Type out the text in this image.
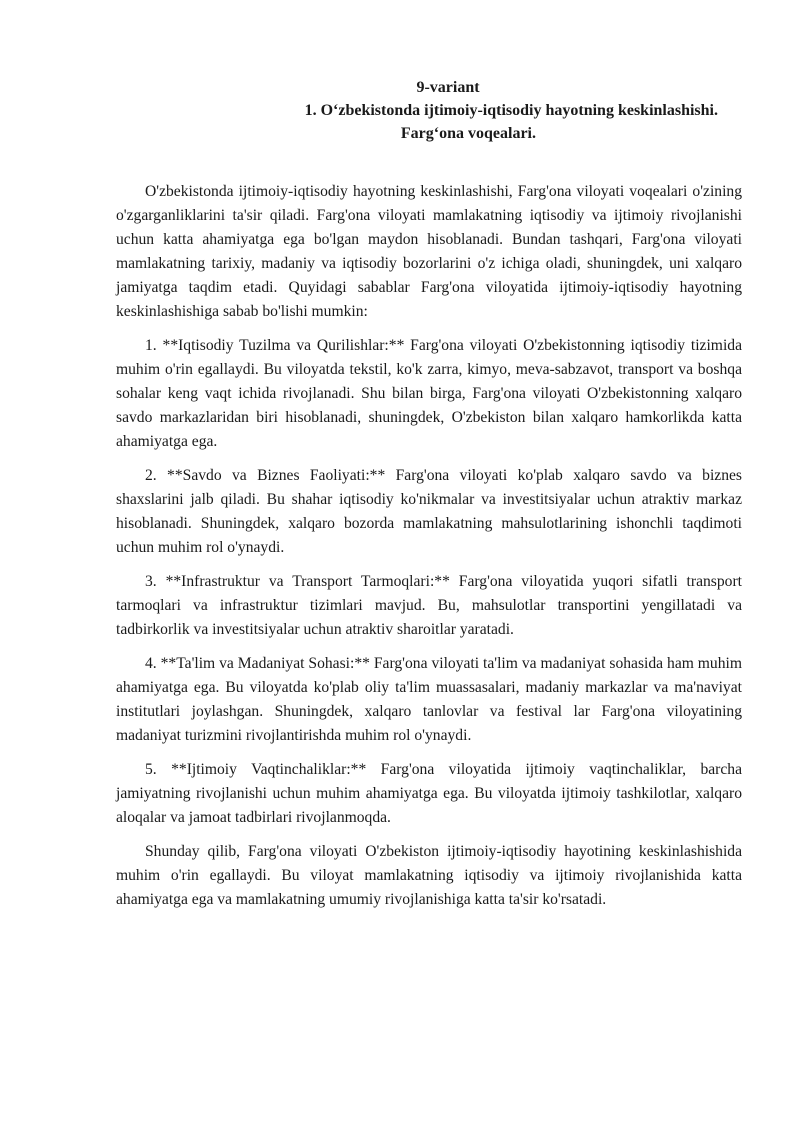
9-variant

1. O‘zbekistonda ijtimoiy-iqtisodiy hayotning keskinlashishi.
Farg‘ona voqealari.

O'zbekistonda ijtimoiy-iqtisodiy hayotning keskinlashishi, Farg'ona viloyati voqealari o'zining o'zgarganliklarini ta'sir qiladi. Farg'ona viloyati mamlakatning iqtisodiy va ijtimoiy rivojlanishi uchun katta ahamiyatga ega bo'lgan maydon hisoblanadi. Bundan tashqari, Farg'ona viloyati mamlakatning tarixiy, madaniy va iqtisodiy bozorlarini o'z ichiga oladi, shuningdek, uni xalqaro jamiyatga taqdim etadi. Quyidagi sabablar Farg'ona viloyatida ijtimoiy-iqtisodiy hayotning keskinlashishiga sabab bo'lishi mumkin:

1. **Iqtisodiy Tuzilma va Qurilishlar:** Farg'ona viloyati O'zbekistonning iqtisodiy tizimida muhim o'rin egallaydi. Bu viloyatda tekstil, ko'k zarra, kimyo, meva-sabzavot, transport va boshqa sohalar keng vaqt ichida rivojlanadi. Shu bilan birga, Farg'ona viloyati O'zbekistonning xalqaro savdo markazlaridan biri hisoblanadi, shuningdek, O'zbekiston bilan xalqaro hamkorlikda katta ahamiyatga ega.

2. **Savdo va Biznes Faoliyati:** Farg'ona viloyati ko'plab xalqaro savdo va biznes shaxslarini jalb qiladi. Bu shahar iqtisodiy ko'nikmalar va investitsiyalar uchun atraktiv markaz hisoblanadi. Shuningdek, xalqaro bozorda mamlakatning mahsulotlarining ishonchli taqdimoti uchun muhim rol o'ynaydi.

3. **Infrastruktur va Transport Tarmoqlari:** Farg'ona viloyatida yuqori sifatli transport tarmoqlari va infrastruktur tizimlari mavjud. Bu, mahsulotlar transportini yengillatadi va tadbirkorlik va investitsiyalar uchun atraktiv sharoitlar yaratadi.

4. **Ta'lim va Madaniyat Sohasi:** Farg'ona viloyati ta'lim va madaniyat sohasida ham muhim ahamiyatga ega. Bu viloyatda ko'plab oliy ta'lim muassasalari, madaniy markazlar va ma'naviyat institutlari joylashgan. Shuningdek, xalqaro tanlovlar va festival lar Farg'ona viloyatining madaniyat turizmini rivojlantirishda muhim rol o'ynaydi.

5. **Ijtimoiy Vaqtinchaliklar:** Farg'ona viloyatida ijtimoiy vaqtinchaliklar, barcha jamiyatning rivojlanishi uchun muhim ahamiyatga ega. Bu viloyatda ijtimoiy tashkilotlar, xalqaro aloqalar va jamoat tadbirlari rivojlanmoqda.

Shunday qilib, Farg'ona viloyati O'zbekiston ijtimoiy-iqtisodiy hayotining keskinlashishida muhim o'rin egallaydi. Bu viloyat mamlakatning iqtisodiy va ijtimoiy rivojlanishida katta ahamiyatga ega va mamlakatning umumiy rivojlanishiga katta ta'sir ko'rsatadi.
